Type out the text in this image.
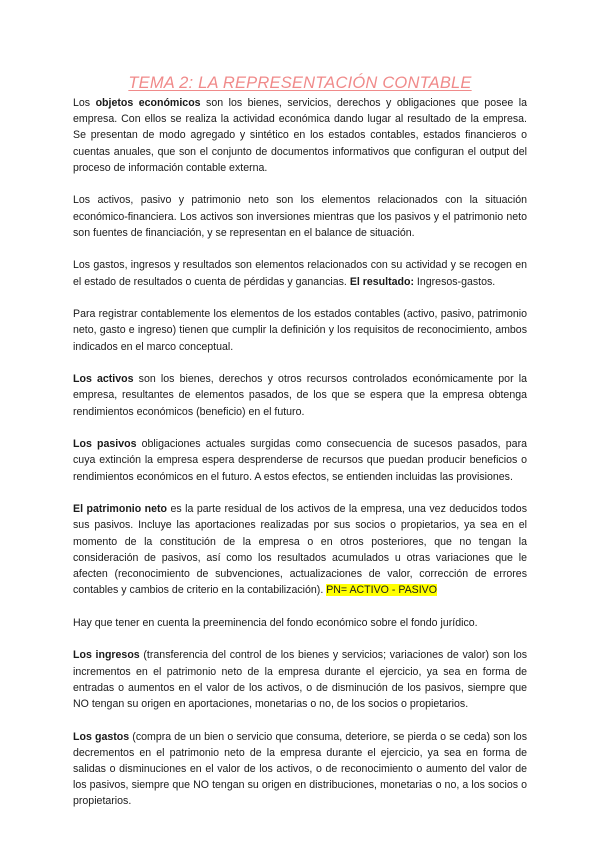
TEMA 2: LA REPRESENTACIÓN CONTABLE

Los objetos económicos son los bienes, servicios, derechos y obligaciones que posee la empresa. Con ellos se realiza la actividad económica dando lugar al resultado de la empresa. Se presentan de modo agregado y sintético en los estados contables, estados financieros o cuentas anuales, que son el conjunto de documentos informativos que configuran el output del proceso de información contable externa.

Los activos, pasivo y patrimonio neto son los elementos relacionados con la situación económico-financiera. Los activos son inversiones mientras que los pasivos y el patrimonio neto son fuentes de financiación, y se representan en el balance de situación.

Los gastos, ingresos y resultados son elementos relacionados con su actividad y se recogen en el estado de resultados o cuenta de pérdidas y ganancias. El resultado: Ingresos-gastos.

Para registrar contablemente los elementos de los estados contables (activo, pasivo, patrimonio neto, gasto e ingreso) tienen que cumplir la definición y los requisitos de reconocimiento, ambos indicados en el marco conceptual.

Los activos son los bienes, derechos y otros recursos controlados económicamente por la empresa, resultantes de elementos pasados, de los que se espera que la empresa obtenga rendimientos económicos (beneficio) en el futuro.

Los pasivos obligaciones actuales surgidas como consecuencia de sucesos pasados, para cuya extinción la empresa espera desprenderse de recursos que puedan producir beneficios o rendimientos económicos en el futuro. A estos efectos, se entienden incluidas las provisiones.

El patrimonio neto es la parte residual de los activos de la empresa, una vez deducidos todos sus pasivos. Incluye las aportaciones realizadas por sus socios o propietarios, ya sea en el momento de la constitución de la empresa o en otros posteriores, que no tengan la consideración de pasivos, así como los resultados acumulados u otras variaciones que le afecten (reconocimiento de subvenciones, actualizaciones de valor, corrección de errores contables y cambios de criterio en la contabilización). PN= ACTIVO - PASIVO

Hay que tener en cuenta la preeminencia del fondo económico sobre el fondo jurídico.

Los ingresos (transferencia del control de los bienes y servicios; variaciones de valor) son los incrementos en el patrimonio neto de la empresa durante el ejercicio, ya sea en forma de entradas o aumentos en el valor de los activos, o de disminución de los pasivos, siempre que NO tengan su origen en aportaciones, monetarias o no, de los socios o propietarios.

Los gastos (compra de un bien o servicio que consuma, deteriore, se pierda o se ceda) son los decrementos en el patrimonio neto de la empresa durante el ejercicio, ya sea en forma de salidas o disminuciones en el valor de los activos, o de reconocimiento o aumento del valor de los pasivos, siempre que NO tengan su origen en distribuciones, monetarias o no, a los socios o propietarios.
